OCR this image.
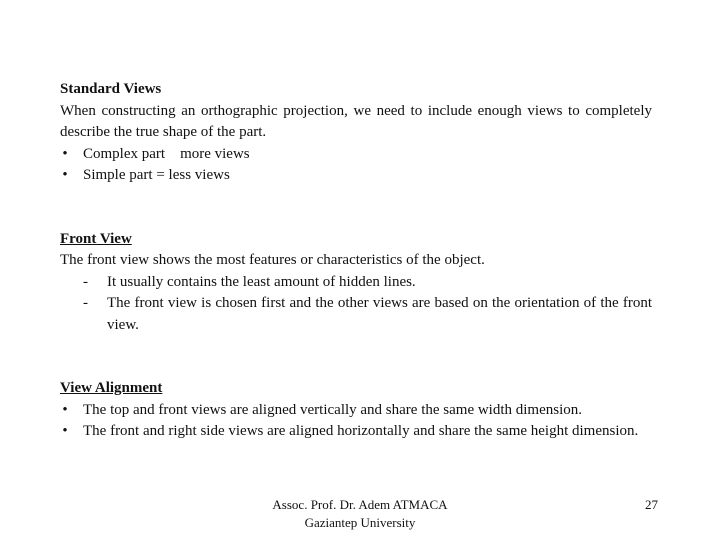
Standard Views
When constructing an orthographic projection, we need to include enough views to completely describe the true shape of the part.
• Complex part    more views
• Simple part = less views
Front View
The front view shows the most features or characteristics of the object.
- It usually contains the least amount of hidden lines.
- The front view is chosen first and the other views are based on the orientation of the front view.
View Alignment
• The top and front views are aligned vertically and share the same width dimension.
• The front and right side views are aligned horizontally and share the same height dimension.
Assoc. Prof. Dr. Adem ATMACA
Gaziantep University
27
